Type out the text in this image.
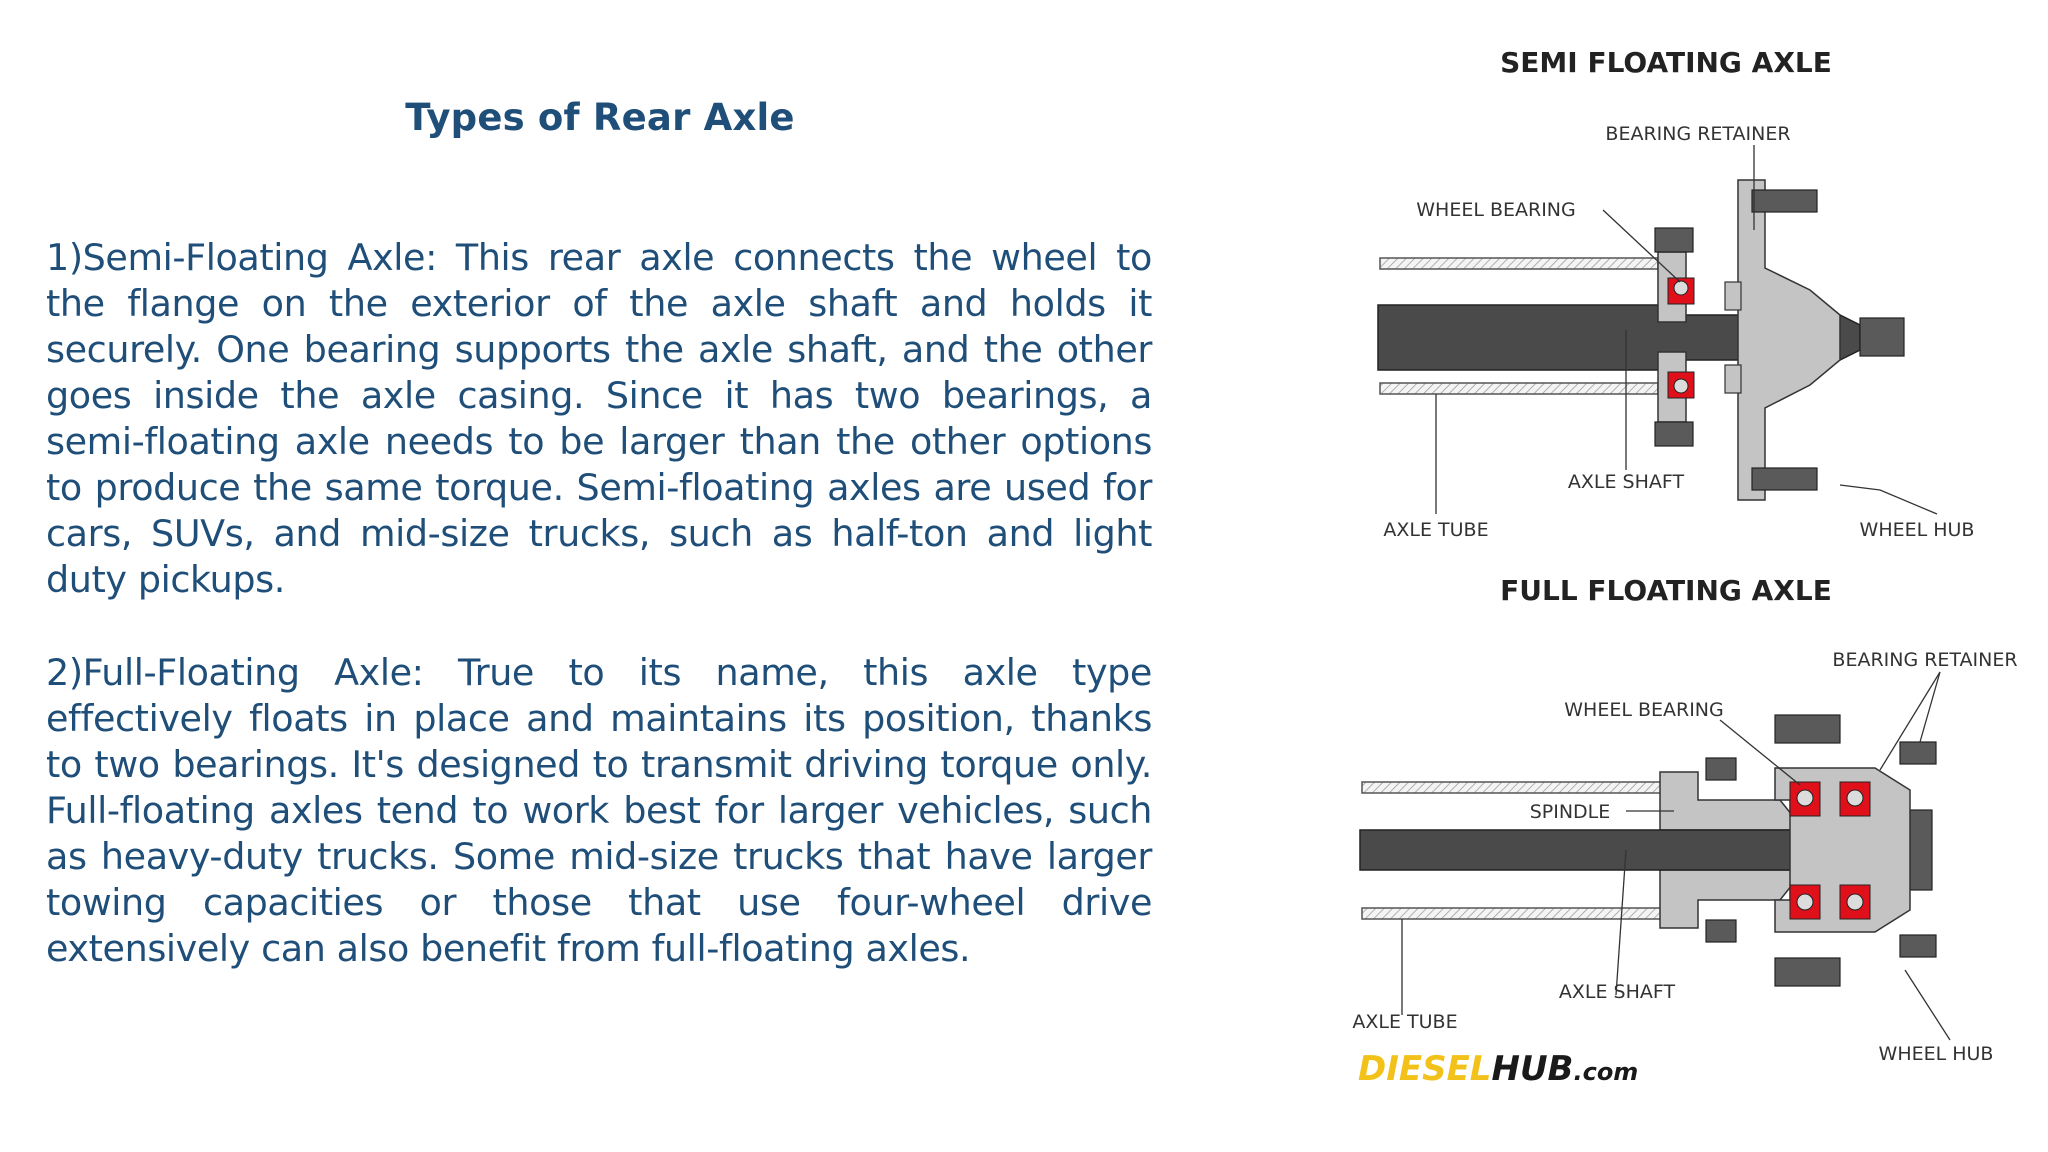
Types of Rear Axle

1)Semi-Floating Axle: This rear axle connects the wheel to the flange on the exterior of the axle shaft and holds it securely. One bearing supports the axle shaft, and the other goes inside the axle casing. Since it has two bearings, a semi-floating axle needs to be larger than the other options to produce the same torque. Semi-floating axles are used for cars, SUVs, and mid-size trucks, such as half-ton and light duty pickups.

2)Full-Floating Axle: True to its name, this axle type effectively floats in place and maintains its position, thanks to two bearings. It's designed to transmit driving torque only. Full-floating axles tend to work best for larger vehicles, such as heavy-duty trucks. Some mid-size trucks that have larger towing capacities or those that use four-wheel drive extensively can also benefit from full-floating axles.

SEMI FLOATING AXLE
BEARING RETAINER
WHEEL BEARING
AXLE SHAFT
AXLE TUBE	WHEEL HUB
FULL FLOATING AXLE
BEARING RETAINER
WHEEL BEARING
SPINDLE
AXLE SHAFT
AXLE TUBE
WHEEL HUB
DIESELHUB.com
